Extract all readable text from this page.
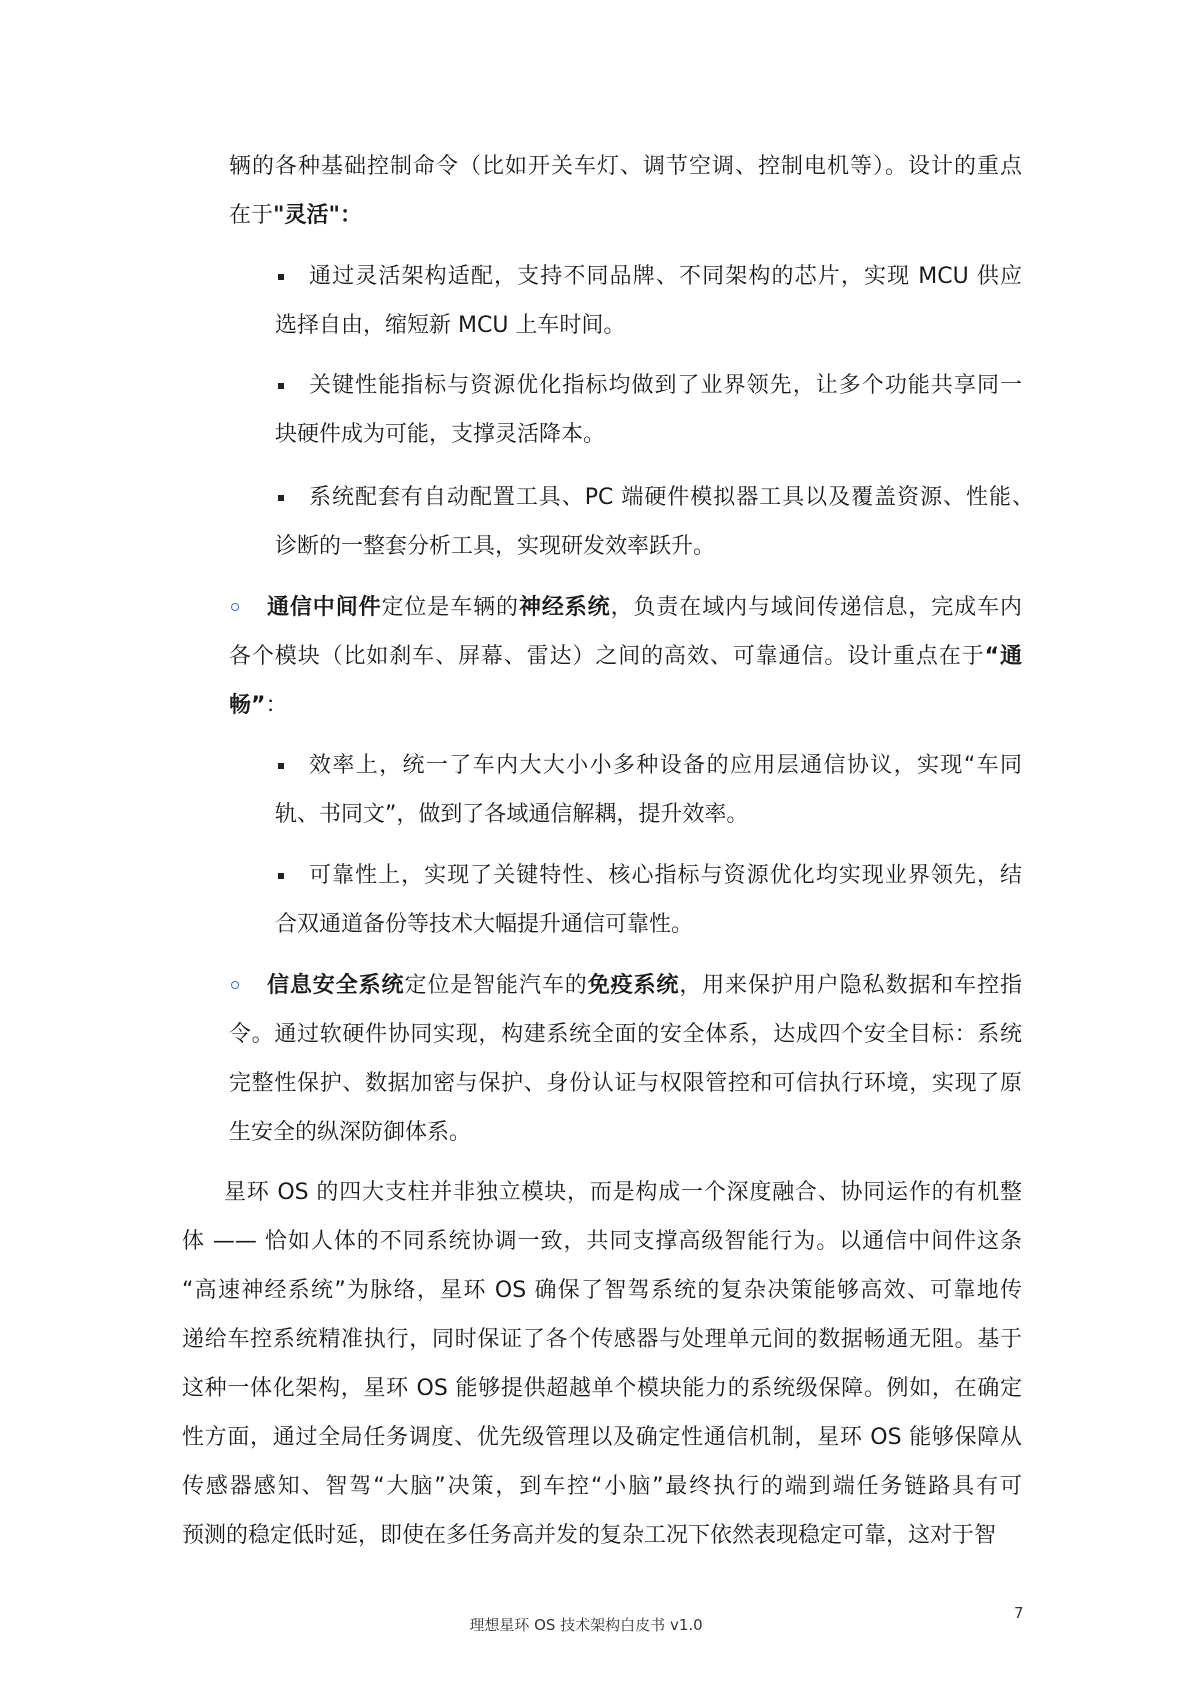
辆的各种基础控制命令（比如开关车灯、调节空调、控制电机等）。设计的重点
在于"灵活"：
通过灵活架构适配，支持不同品牌、不同架构的芯片，实现 MCU 供应
选择自由，缩短新 MCU 上车时间。
关键性能指标与资源优化指标均做到了业界领先，让多个功能共享同一
块硬件成为可能，支撑灵活降本。
系统配套有自动配置工具、PC 端硬件模拟器工具以及覆盖资源、性能、
诊断的一整套分析工具，实现研发效率跃升。
通信中间件定位是车辆的神经系统，负责在域内与域间传递信息，完成车内
各个模块（比如刹车、屏幕、雷达）之间的高效、可靠通信。设计重点在于“通
畅”：
效率上，统一了车内大大小小多种设备的应用层通信协议，实现“车同
轨、书同文”，做到了各域通信解耦，提升效率。
可靠性上，实现了关键特性、核心指标与资源优化均实现业界领先，结
合双通道备份等技术大幅提升通信可靠性。
信息安全系统定位是智能汽车的免疫系统，用来保护用户隐私数据和车控指
令。通过软硬件协同实现，构建系统全面的安全体系，达成四个安全目标：系统
完整性保护、数据加密与保护、身份认证与权限管控和可信执行环境，实现了原
生安全的纵深防御体系。
星环 OS 的四大支柱并非独立模块，而是构成一个深度融合、协同运作的有机整
体 —— 恰如人体的不同系统协调一致，共同支撑高级智能行为。以通信中间件这条
“高速神经系统”为脉络，星环 OS 确保了智驾系统的复杂决策能够高效、可靠地传
递给车控系统精准执行，同时保证了各个传感器与处理单元间的数据畅通无阻。基于
这种一体化架构，星环 OS 能够提供超越单个模块能力的系统级保障。例如，在确定
性方面，通过全局任务调度、优先级管理以及确定性通信机制，星环 OS 能够保障从
传感器感知、智驾“大脑”决策，到车控“小脑”最终执行的端到端任务链路具有可
预测的稳定低时延，即使在多任务高并发的复杂工况下依然表现稳定可靠，这对于智
理想星环 OS 技术架构白皮书 v1.0
7
